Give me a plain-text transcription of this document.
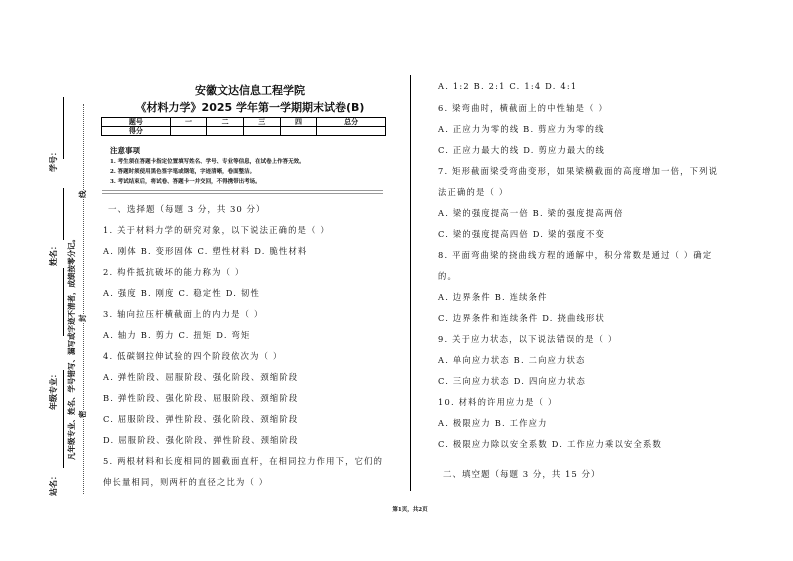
学号：
姓名：
年级专业：
站名：
凡年级专业、姓名、学号错写、漏写或字迹不清者，成绩按零分记。 密
封
线
安徽文达信息工程学院
《材料力学》2025 学年第一学期期末试卷(B)
题号	一	二	三	四	总分
得分					
注意事项
1. 考生须在答题卡指定位置填写姓名、学号、专业等信息，在试卷上作答无效。
2. 答题时须使用黑色签字笔或钢笔，字迹清晰，卷面整洁。
3. 考试结束后，将试卷、答题卡一并交回，不得携带出考场。
一、选择题（每题 3 分，共 30 分）
1. 关于材料力学的研究对象，以下说法正确的是（ ）
A. 刚体 B. 变形固体 C. 塑性材料 D. 脆性材料
2. 构件抵抗破坏的能力称为（ ）
A. 强度 B. 刚度 C. 稳定性 D. 韧性
3. 轴向拉压杆横截面上的内力是（ ）
A. 轴力 B. 剪力 C. 扭矩 D. 弯矩
4. 低碳钢拉伸试验的四个阶段依次为（ ）
A. 弹性阶段、屈服阶段、强化阶段、颈缩阶段
B. 弹性阶段、强化阶段、屈服阶段、颈缩阶段
C. 屈服阶段、弹性阶段、强化阶段、颈缩阶段
D. 屈服阶段、强化阶段、弹性阶段、颈缩阶段
5. 两根材料和长度相同的圆截面直杆，在相同拉力作用下，它们的
伸长量相同，则两杆的直径之比为（ ）
A. 1:2 B. 2:1 C. 1:4 D. 4:1
6. 梁弯曲时，横截面上的中性轴是（ ）
A. 正应力为零的线 B. 剪应力为零的线
C. 正应力最大的线 D. 剪应力最大的线
7. 矩形截面梁受弯曲变形，如果梁横截面的高度增加一倍，下列说
法正确的是（ ）
A. 梁的强度提高一倍 B. 梁的强度提高两倍
C. 梁的强度提高四倍 D. 梁的强度不变
8. 平面弯曲梁的挠曲线方程的通解中，积分常数是通过（ ）确定
的。
A. 边界条件 B. 连续条件
C. 边界条件和连续条件 D. 挠曲线形状
9. 关于应力状态，以下说法错误的是（ ）
A. 单向应力状态 B. 二向应力状态
C. 三向应力状态 D. 四向应力状态
10. 材料的许用应力是（ ）
A. 极限应力 B. 工作应力
C. 极限应力除以安全系数 D. 工作应力乘以安全系数
二、填空题（每题 3 分，共 15 分）
第1页，共2页
